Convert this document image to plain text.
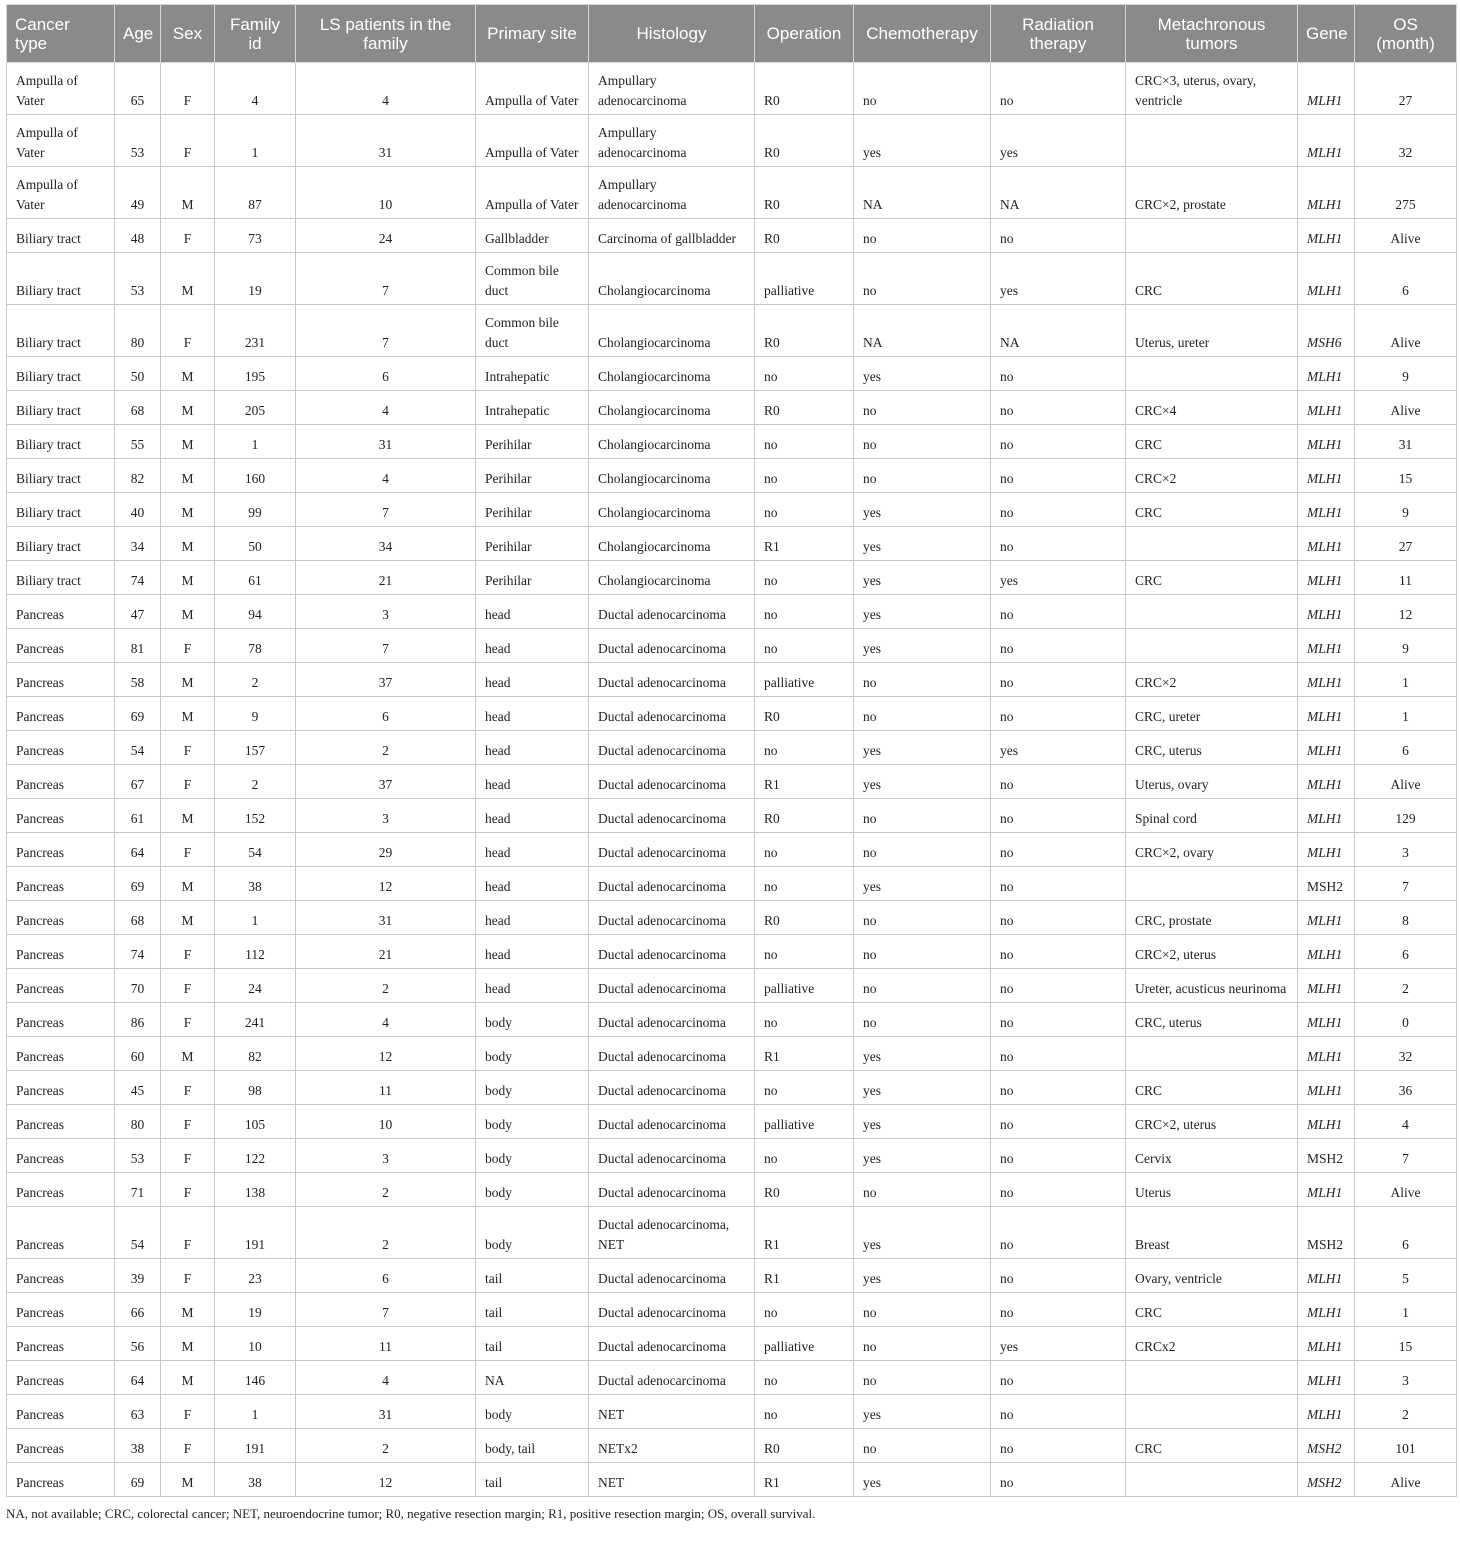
Cancer type	Age	Sex	Family id	LS patients in the family	Primary site	Histology	Operation	Chemotherapy	Radiation therapy	Metachronous tumors	Gene	OS (month)
Ampulla of Vater	65	F	4	4	Ampulla of Vater	Ampullary adenocarcinoma	R0	no	no	CRC×3, uterus, ovary, ventricle	MLH1	27
Ampulla of Vater	53	F	1	31	Ampulla of Vater	Ampullary adenocarcinoma	R0	yes	yes		MLH1	32
Ampulla of Vater	49	M	87	10	Ampulla of Vater	Ampullary adenocarcinoma	R0	NA	NA	CRC×2, prostate	MLH1	275
Biliary tract	48	F	73	24	Gallbladder	Carcinoma of gallbladder	R0	no	no		MLH1	Alive
Biliary tract	53	M	19	7	Common bile duct	Cholangiocarcinoma	palliative	no	yes	CRC	MLH1	6
Biliary tract	80	F	231	7	Common bile duct	Cholangiocarcinoma	R0	NA	NA	Uterus, ureter	MSH6	Alive
Biliary tract	50	M	195	6	Intrahepatic	Cholangiocarcinoma	no	yes	no		MLH1	9
Biliary tract	68	M	205	4	Intrahepatic	Cholangiocarcinoma	R0	no	no	CRC×4	MLH1	Alive
Biliary tract	55	M	1	31	Perihilar	Cholangiocarcinoma	no	no	no	CRC	MLH1	31
Biliary tract	82	M	160	4	Perihilar	Cholangiocarcinoma	no	no	no	CRC×2	MLH1	15
Biliary tract	40	M	99	7	Perihilar	Cholangiocarcinoma	no	yes	no	CRC	MLH1	9
Biliary tract	34	M	50	34	Perihilar	Cholangiocarcinoma	R1	yes	no		MLH1	27
Biliary tract	74	M	61	21	Perihilar	Cholangiocarcinoma	no	yes	yes	CRC	MLH1	11
Pancreas	47	M	94	3	head	Ductal adenocarcinoma	no	yes	no		MLH1	12
Pancreas	81	F	78	7	head	Ductal adenocarcinoma	no	yes	no		MLH1	9
Pancreas	58	M	2	37	head	Ductal adenocarcinoma	palliative	no	no	CRC×2	MLH1	1
Pancreas	69	M	9	6	head	Ductal adenocarcinoma	R0	no	no	CRC, ureter	MLH1	1
Pancreas	54	F	157	2	head	Ductal adenocarcinoma	no	yes	yes	CRC, uterus	MLH1	6
Pancreas	67	F	2	37	head	Ductal adenocarcinoma	R1	yes	no	Uterus, ovary	MLH1	Alive
Pancreas	61	M	152	3	head	Ductal adenocarcinoma	R0	no	no	Spinal cord	MLH1	129
Pancreas	64	F	54	29	head	Ductal adenocarcinoma	no	no	no	CRC×2, ovary	MLH1	3
Pancreas	69	M	38	12	head	Ductal adenocarcinoma	no	yes	no		MSH2	7
Pancreas	68	M	1	31	head	Ductal adenocarcinoma	R0	no	no	CRC, prostate	MLH1	8
Pancreas	74	F	112	21	head	Ductal adenocarcinoma	no	no	no	CRC×2, uterus	MLH1	6
Pancreas	70	F	24	2	head	Ductal adenocarcinoma	palliative	no	no	Ureter, acusticus neurinoma	MLH1	2
Pancreas	86	F	241	4	body	Ductal adenocarcinoma	no	no	no	CRC, uterus	MLH1	0
Pancreas	60	M	82	12	body	Ductal adenocarcinoma	R1	yes	no		MLH1	32
Pancreas	45	F	98	11	body	Ductal adenocarcinoma	no	yes	no	CRC	MLH1	36
Pancreas	80	F	105	10	body	Ductal adenocarcinoma	palliative	yes	no	CRC×2, uterus	MLH1	4
Pancreas	53	F	122	3	body	Ductal adenocarcinoma	no	yes	no	Cervix	MSH2	7
Pancreas	71	F	138	2	body	Ductal adenocarcinoma	R0	no	no	Uterus	MLH1	Alive
Pancreas	54	F	191	2	body	Ductal adenocarcinoma, NET	R1	yes	no	Breast	MSH2	6
Pancreas	39	F	23	6	tail	Ductal adenocarcinoma	R1	yes	no	Ovary, ventricle	MLH1	5
Pancreas	66	M	19	7	tail	Ductal adenocarcinoma	no	no	no	CRC	MLH1	1
Pancreas	56	M	10	11	tail	Ductal adenocarcinoma	palliative	no	yes	CRCx2	MLH1	15
Pancreas	64	M	146	4	NA	Ductal adenocarcinoma	no	no	no		MLH1	3
Pancreas	63	F	1	31	body	NET	no	yes	no		MLH1	2
Pancreas	38	F	191	2	body, tail	NETx2	R0	no	no	CRC	MSH2	101
Pancreas	69	M	38	12	tail	NET	R1	yes	no		MSH2	Alive
NA, not available; CRC, colorectal cancer; NET, neuroendocrine tumor; R0, negative resection margin; R1, positive resection margin; OS, overall survival.
